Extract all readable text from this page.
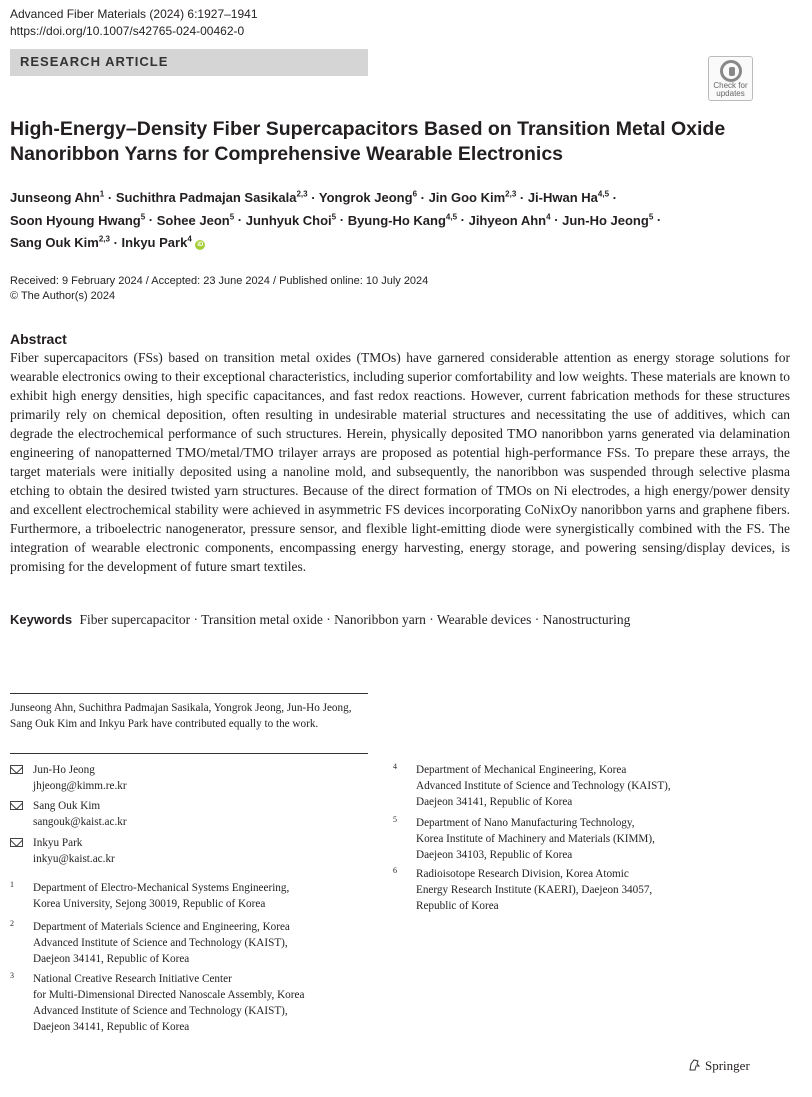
Advanced Fiber Materials (2024) 6:1927–1941
https://doi.org/10.1007/s42765-024-00462-0
RESEARCH ARTICLE
Check for
updates
High-Energy–Density Fiber Supercapacitors Based on Transition Metal Oxide Nanoribbon Yarns for Comprehensive Wearable Electronics
Junseong Ahn$^1$ · Suchithra Padmajan Sasikala$^{2,3}$ · Yongrok Jeong$^6$ · Jin Goo Kim$^{2,3}$ · Ji-Hwan Ha$^{4,5}$ ·
Soon Hyoung Hwang$^5$ · Sohee Jeon$^5$ · Junhyuk Choi$^5$ · Byung-Ho Kang$^{4,5}$ · Jihyeon Ahn$^4$ · Jun-Ho Jeong$^5$ ·
Sang Ouk Kim$^{2,3}$ · Inkyu Park$^4$ iD
Received: 9 February 2024 / Accepted: 23 June 2024 / Published online: 10 July 2024
© The Author(s) 2024
Abstract
Fiber supercapacitors (FSs) based on transition metal oxides (TMOs) have garnered considerable attention as energy storage solutions for wearable electronics owing to their exceptional characteristics, including superior comfortability and low weights. These materials are known to exhibit high energy densities, high specific capacitances, and fast redox reactions. However, current fabrication methods for these structures primarily rely on chemical deposition, often resulting in undesirable material structures and necessitating the use of additives, which can degrade the electrochemical performance of such structures. Herein, physically deposited TMO nanoribbon yarns generated via delamination engineering of nanopatterned TMO/metal/TMO trilayer arrays are proposed as potential high-performance FSs. To prepare these arrays, the target materials were initially deposited using a nanoline mold, and subsequently, the nanoribbon was suspended through selective plasma etching to obtain the desired twisted yarn structures. Because of the direct formation of TMOs on Ni electrodes, a high energy/power density and excellent electrochemical stability were achieved in asymmetric FS devices incorporating CoNixOy nanoribbon yarns and graphene fibers. Furthermore, a triboelectric nanogenerator, pressure sensor, and flexible light-emitting diode were synergistically combined with the FS. The integration of wearable electronic components, encompassing energy harvesting, energy storage, and powering sensing/display devices, is promising for the development of future smart textiles.
Keywords Fiber supercapacitor · Transition metal oxide · Nanoribbon yarn · Wearable devices · Nanostructuring
Junseong Ahn, Suchithra Padmajan Sasikala, Yongrok Jeong, Jun-Ho Jeong, Sang Ouk Kim and Inkyu Park have contributed equally to the work.
Jun-Ho Jeong
jhjeong@kimm.re.kr
Sang Ouk Kim
sangouk@kaist.ac.kr
Inkyu Park
inkyu@kaist.ac.kr
1 Department of Electro-Mechanical Systems Engineering,
Korea University, Sejong 30019, Republic of Korea
2 Department of Materials Science and Engineering, Korea
Advanced Institute of Science and Technology (KAIST),
Daejeon 34141, Republic of Korea
3 National Creative Research Initiative Center
for Multi-Dimensional Directed Nanoscale Assembly, Korea
Advanced Institute of Science and Technology (KAIST),
Daejeon 34141, Republic of Korea
4 Department of Mechanical Engineering, Korea
Advanced Institute of Science and Technology (KAIST),
Daejeon 34141, Republic of Korea
5 Department of Nano Manufacturing Technology,
Korea Institute of Machinery and Materials (KIMM),
Daejeon 34103, Republic of Korea
6 Radioisotope Research Division, Korea Atomic
Energy Research Institute (KAERI), Daejeon 34057,
Republic of Korea
Springer
